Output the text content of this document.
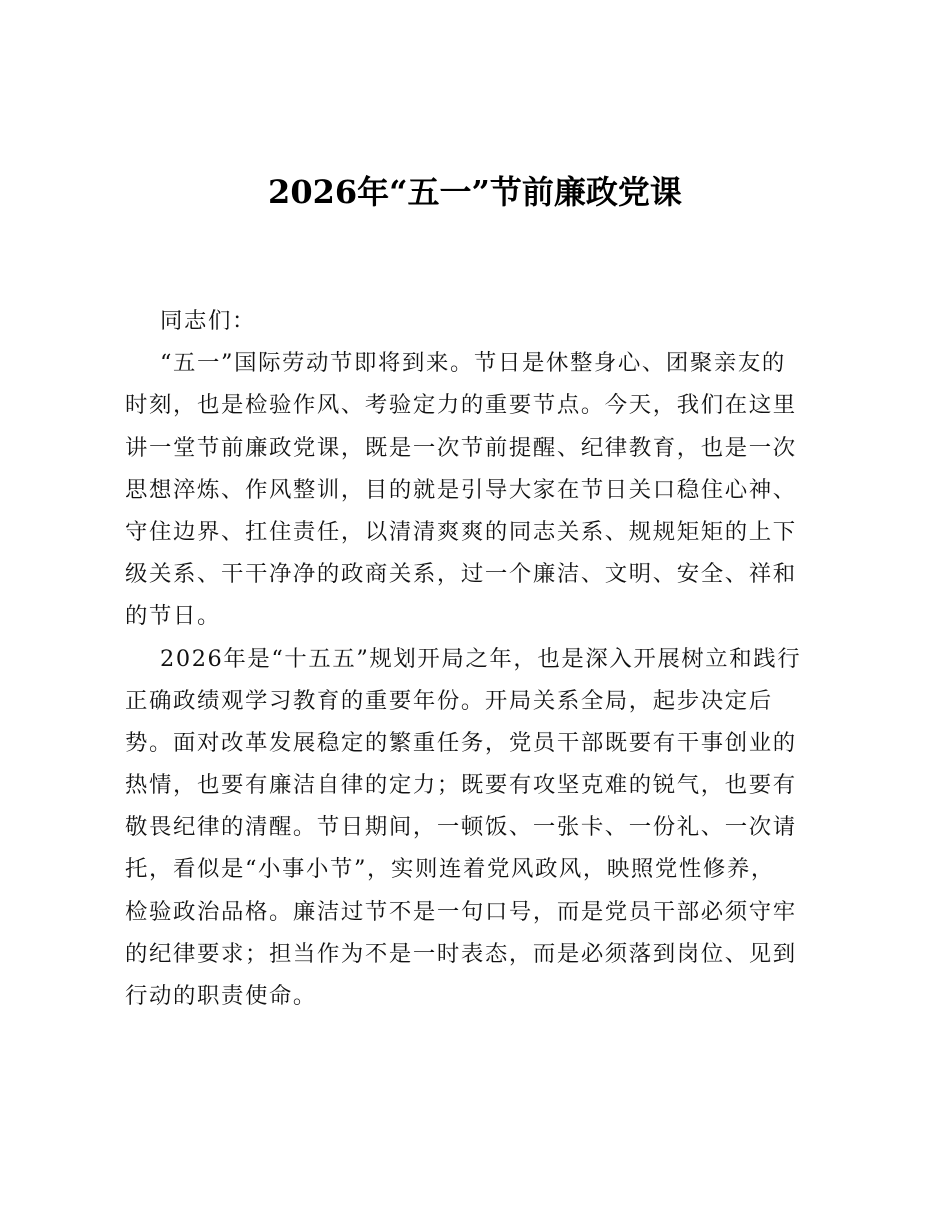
2026年“五一”节前廉政党课
同志们：
“五一”国际劳动节即将到来。节日是休整身心、团聚亲友的
时刻，也是检验作风、考验定力的重要节点。今天，我们在这里
讲一堂节前廉政党课，既是一次节前提醒、纪律教育，也是一次
思想淬炼、作风整训，目的就是引导大家在节日关口稳住心神、
守住边界、扛住责任，以清清爽爽的同志关系、规规矩矩的上下
级关系、干干净净的政商关系，过一个廉洁、文明、安全、祥和
的节日。
2026年是“十五五”规划开局之年，也是深入开展树立和践行
正确政绩观学习教育的重要年份。开局关系全局，起步决定后
势。面对改革发展稳定的繁重任务，党员干部既要有干事创业的
热情，也要有廉洁自律的定力；既要有攻坚克难的锐气，也要有
敬畏纪律的清醒。节日期间，一顿饭、一张卡、一份礼、一次请
托，看似是“小事小节”，实则连着党风政风，映照党性修养，
检验政治品格。廉洁过节不是一句口号，而是党员干部必须守牢
的纪律要求；担当作为不是一时表态，而是必须落到岗位、见到
行动的职责使命。
